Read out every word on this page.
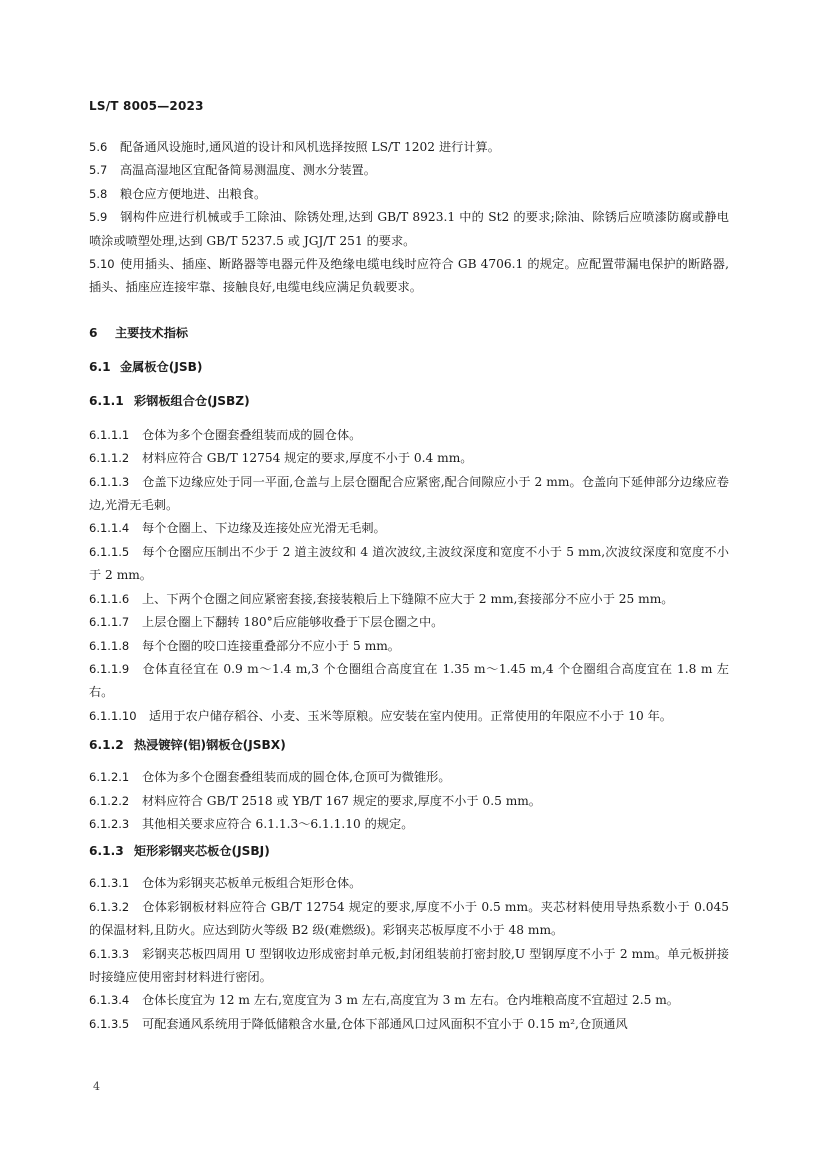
LS/T 8005—2023
5.6 配备通风设施时,通风道的设计和风机选择按照 LS/T 1202 进行计算。
5.7 高温高湿地区宜配备简易测温度、测水分装置。
5.8 粮仓应方便地进、出粮食。
5.9 钢构件应进行机械或手工除油、除锈处理,达到 GB/T 8923.1 中的 St2 的要求;除油、除锈后应喷漆防腐或静电喷涂或喷塑处理,达到 GB/T 5237.5 或 JGJ/T 251 的要求。
5.10 使用插头、插座、断路器等电器元件及绝缘电缆电线时应符合 GB 4706.1 的规定。应配置带漏电保护的断路器,插头、插座应连接牢靠、接触良好,电缆电线应满足负载要求。
6 主要技术指标
6.1 金属板仓(JSB)
6.1.1 彩钢板组合仓(JSBZ)
6.1.1.1 仓体为多个仓圈套叠组装而成的圆仓体。
6.1.1.2 材料应符合 GB/T 12754 规定的要求,厚度不小于 0.4 mm。
6.1.1.3 仓盖下边缘应处于同一平面,仓盖与上层仓圈配合应紧密,配合间隙应小于 2 mm。仓盖向下延伸部分边缘应卷边,光滑无毛刺。
6.1.1.4 每个仓圈上、下边缘及连接处应光滑无毛刺。
6.1.1.5 每个仓圈应压制出不少于 2 道主波纹和 4 道次波纹,主波纹深度和宽度不小于 5 mm,次波纹深度和宽度不小于 2 mm。
6.1.1.6 上、下两个仓圈之间应紧密套接,套接装粮后上下缝隙不应大于 2 mm,套接部分不应小于 25 mm。
6.1.1.7 上层仓圈上下翻转 180°后应能够收叠于下层仓圈之中。
6.1.1.8 每个仓圈的咬口连接重叠部分不应小于 5 mm。
6.1.1.9 仓体直径宜在 0.9 m～1.4 m,3 个仓圈组合高度宜在 1.35 m～1.45 m,4 个仓圈组合高度宜在 1.8 m 左右。
6.1.1.10 适用于农户储存稻谷、小麦、玉米等原粮。应安装在室内使用。正常使用的年限应不小于 10 年。
6.1.2 热浸镀锌(铝)钢板仓(JSBX)
6.1.2.1 仓体为多个仓圈套叠组装而成的圆仓体,仓顶可为微锥形。
6.1.2.2 材料应符合 GB/T 2518 或 YB/T 167 规定的要求,厚度不小于 0.5 mm。
6.1.2.3 其他相关要求应符合 6.1.1.3～6.1.1.10 的规定。
6.1.3 矩形彩钢夹芯板仓(JSBJ)
6.1.3.1 仓体为彩钢夹芯板单元板组合矩形仓体。
6.1.3.2 仓体彩钢板材料应符合 GB/T 12754 规定的要求,厚度不小于 0.5 mm。夹芯材料使用导热系数小于 0.045 的保温材料,且防火。应达到防火等级 B2 级(难燃级)。彩钢夹芯板厚度不小于 48 mm。
6.1.3.3 彩钢夹芯板四周用 U 型钢收边形成密封单元板,封闭组装前打密封胶,U 型钢厚度不小于 2 mm。单元板拼接时接缝应使用密封材料进行密闭。
6.1.3.4 仓体长度宜为 12 m 左右,宽度宜为 3 m 左右,高度宜为 3 m 左右。仓内堆粮高度不宜超过 2.5 m。
6.1.3.5 可配套通风系统用于降低储粮含水量,仓体下部通风口过风面积不宜小于 0.15 m²,仓顶通风
4
